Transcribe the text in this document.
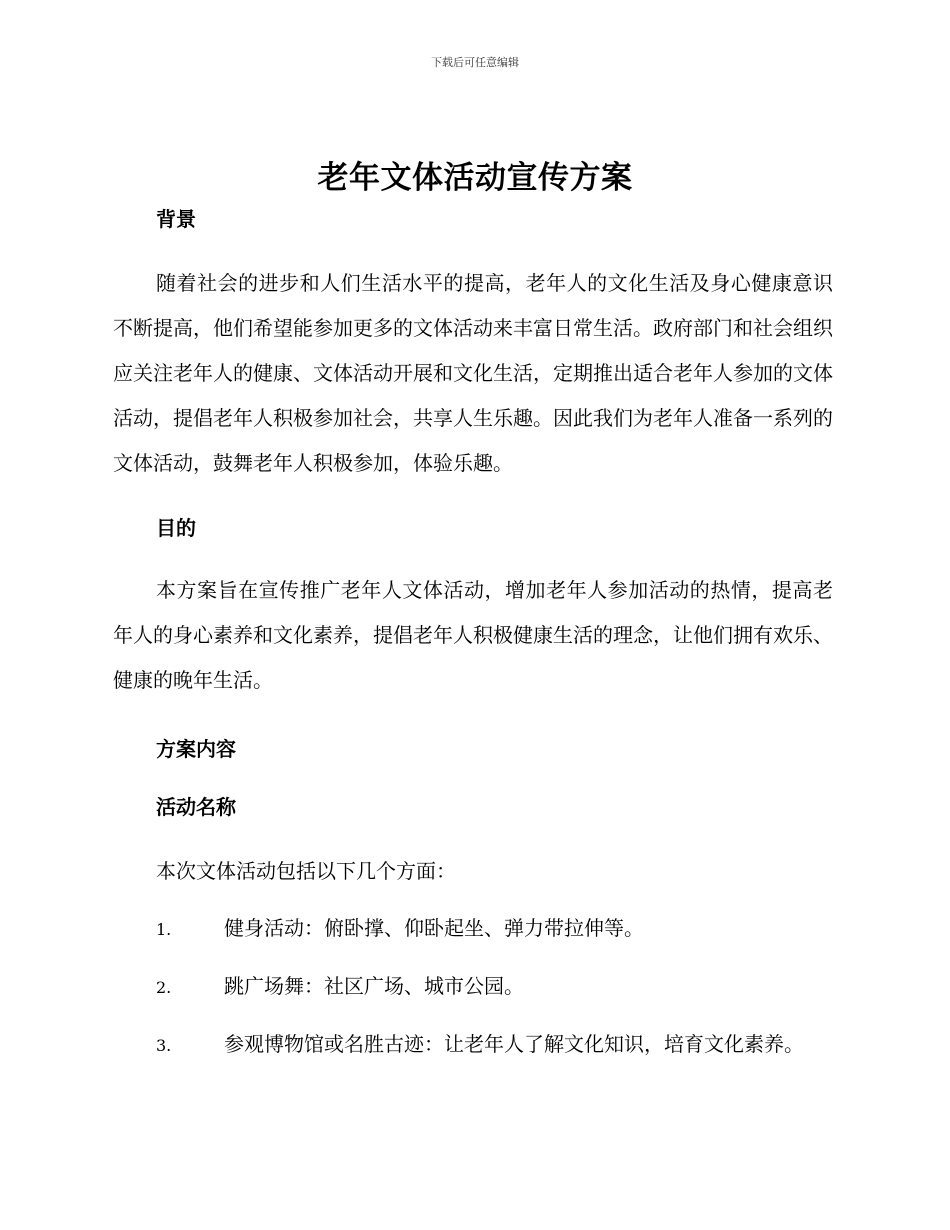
下载后可任意编辑
老年文体活动宣传方案

背景

随着社会的进步和人们生活水平的提高，老年人的文化生活及身心健康意识不断提高，他们希望能参加更多的文体活动来丰富日常生活。政府部门和社会组织应关注老年人的健康、文体活动开展和文化生活，定期推出适合老年人参加的文体活动，提倡老年人积极参加社会，共享人生乐趣。因此我们为老年人准备一系列的文体活动，鼓舞老年人积极参加，体验乐趣。

目的

本方案旨在宣传推广老年人文体活动，增加老年人参加活动的热情，提高老年人的身心素养和文化素养，提倡老年人积极健康生活的理念，让他们拥有欢乐、健康的晚年生活。

方案内容

活动名称

本次文体活动包括以下几个方面：

1.	健身活动：俯卧撑、仰卧起坐、弹力带拉伸等。

2.	跳广场舞：社区广场、城市公园。

3.	参观博物馆或名胜古迹：让老年人了解文化知识，培育文化素养。
